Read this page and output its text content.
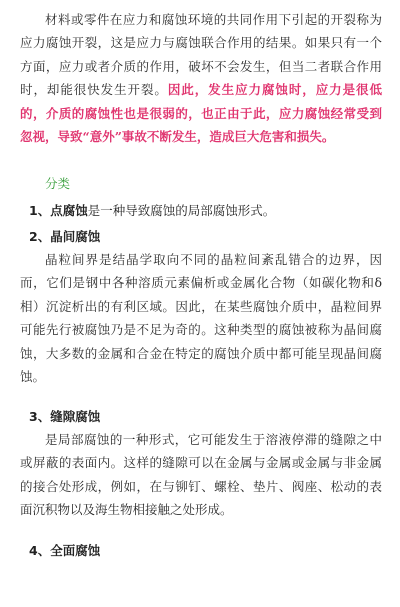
材料或零件在应力和腐蚀环境的共同作用下引起的开裂称为应力腐蚀开裂，这是应力与腐蚀联合作用的结果。如果只有一个方面，应力或者介质的作用，破坏不会发生，但当二者联合作用时，却能很快发生开裂。因此，发生应力腐蚀时，应力是很低的，介质的腐蚀性也是很弱的，也正由于此，应力腐蚀经常受到忽视，导致“意外”事故不断发生，造成巨大危害和损失。

分类

1、点腐蚀是一种导致腐蚀的局部腐蚀形式。

2、晶间腐蚀

晶粒间界是结晶学取向不同的晶粒间紊乱错合的边界，因而，它们是钢中各种溶质元素偏析或金属化合物（如碳化物和δ相）沉淀析出的有利区域。因此，在某些腐蚀介质中，晶粒间界可能先行被腐蚀乃是不足为奇的。这种类型的腐蚀被称为晶间腐蚀，大多数的金属和合金在特定的腐蚀介质中都可能呈现晶间腐蚀。

3、缝隙腐蚀

是局部腐蚀的一种形式，它可能发生于溶液停滞的缝隙之中或屏蔽的表面内。这样的缝隙可以在金属与金属或金属与非金属的接合处形成，例如，在与铆钉、螺栓、垫片、阀座、松动的表面沉积物以及海生物相接触之处形成。

4、全面腐蚀
